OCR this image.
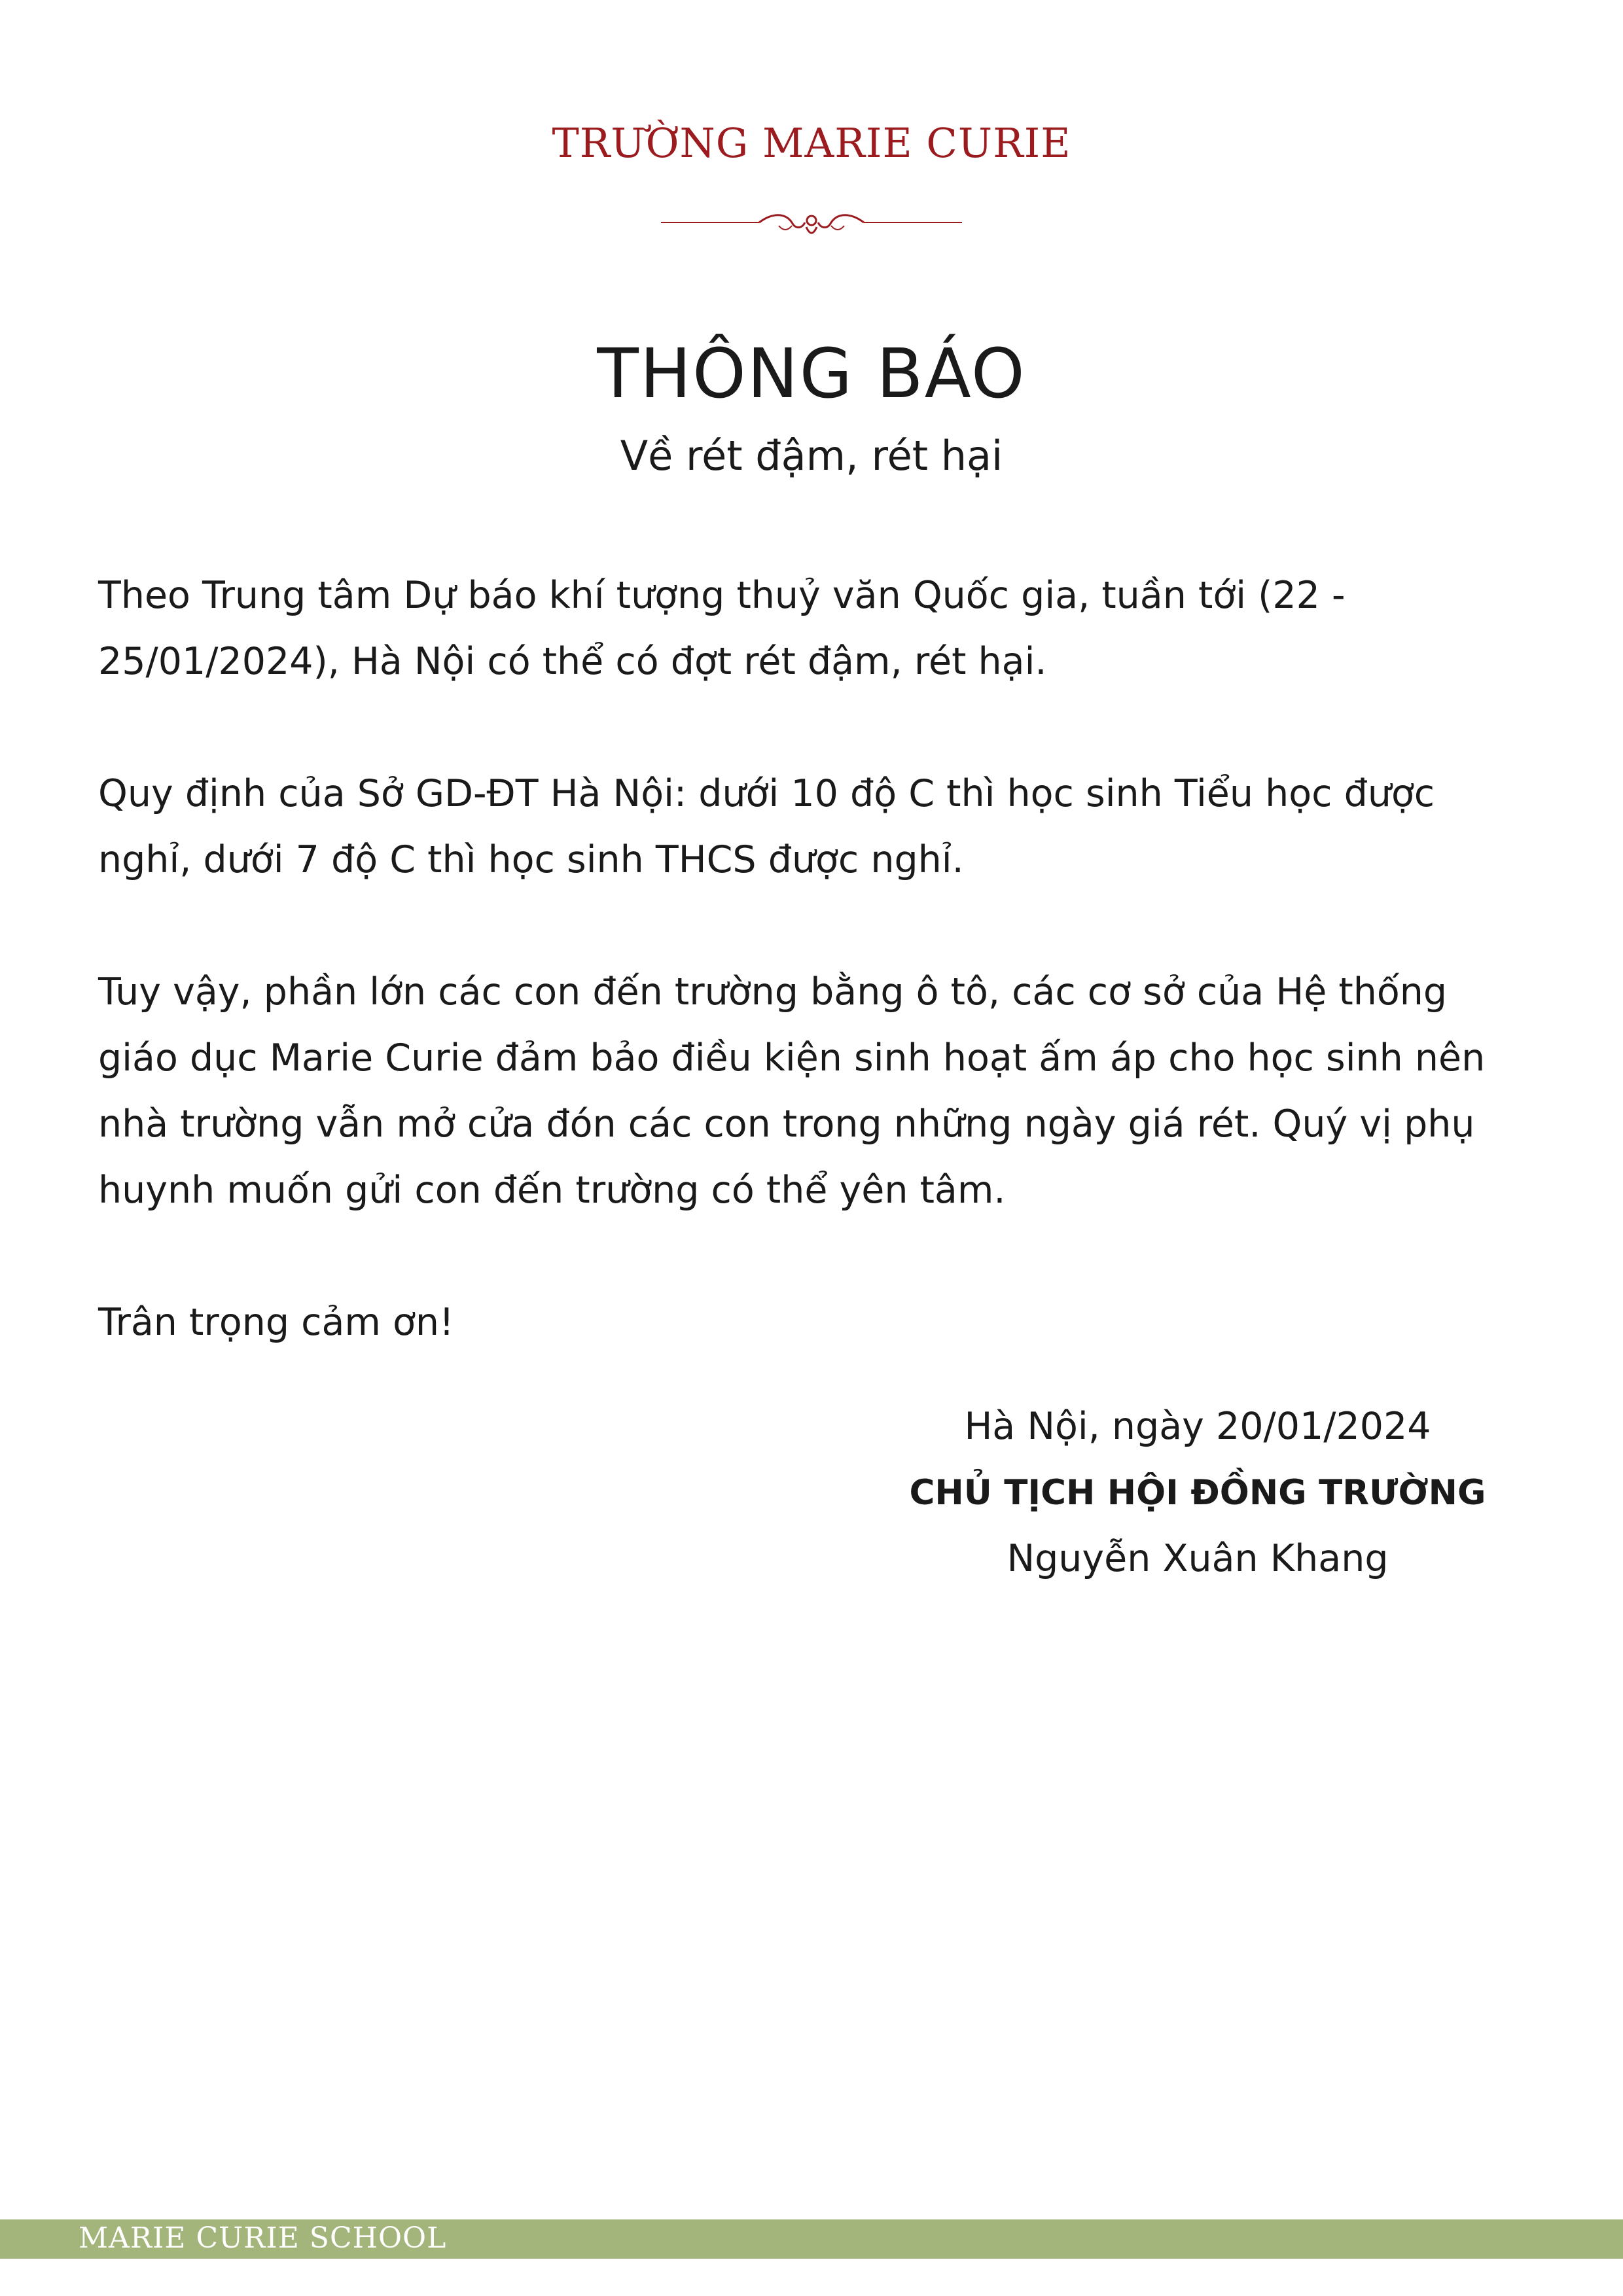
TRƯỜNG MARIE CURIE
THÔNG BÁO
Về rét đậm, rét hại

Theo Trung tâm Dự báo khí tượng thuỷ văn Quốc gia, tuần tới (22 - 25/01/2024), Hà Nội có thể có đợt rét đậm, rét hại.

Quy định của Sở GD-ĐT Hà Nội: dưới 10 độ C thì học sinh Tiểu học được nghỉ, dưới 7 độ C thì học sinh THCS được nghỉ.

Tuy vậy, phần lớn các con đến trường bằng ô tô, các cơ sở của Hệ thống giáo dục Marie Curie đảm bảo điều kiện sinh hoạt ấm áp cho học sinh nên nhà trường vẫn mở cửa đón các con trong những ngày giá rét. Quý vị phụ huynh muốn gửi con đến trường có thể yên tâm.

Trân trọng cảm ơn!

Hà Nội, ngày 20/01/2024
CHỦ TỊCH HỘI ĐỒNG TRƯỜNG
Nguyễn Xuân Khang
MARIE CURIE SCHOOL
